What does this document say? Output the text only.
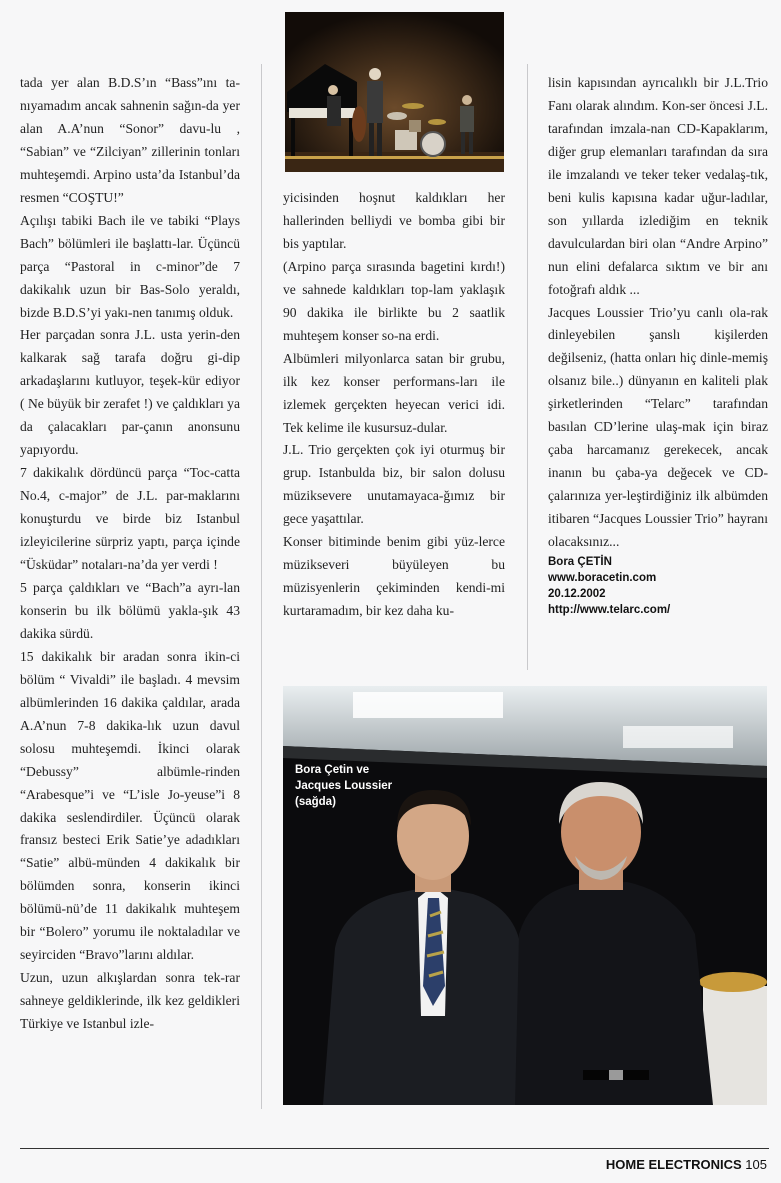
tada yer alan B.D.S’ın “Bass”ını ta-nıyamadım ancak sahnenin sağın-da yer alan A.A’nun “Sonor” davu-lu , “Sabian” ve “Zilciyan” zillerinin tonları muhteşemdi. Arpino usta’da Istanbul’da resmen “COŞTU!”

Açılışı tabiki Bach ile ve tabiki “Plays Bach” bölümleri ile başlattı-lar. Üçüncü parça “Pastoral in c-minor”de 7 dakikalık uzun bir Bas-Solo yeraldı, bizde B.D.S’yi yakı-nen tanımış olduk.

Her parçadan sonra J.L. usta yerin-den kalkarak sağ tarafa doğru gi-dip arkadaşlarını kutluyor, teşek-kür ediyor ( Ne büyük bir zerafet !) ve çaldıkları ya da çalacakları par-çanın anonsunu yapıyordu.

7 dakikalık dördüncü parça “Toc-catta No.4, c-major” de J.L. par-maklarını konuşturdu ve birde biz Istanbul izleyicilerine sürpriz yaptı, parça içinde “Üsküdar” notaları-na’da yer verdi !

5 parça çaldıkları ve “Bach”a ayrı-lan konserin bu ilk bölümü yakla-şık 43 dakika sürdü.

15 dakikalık bir aradan sonra ikin-ci bölüm “ Vivaldi” ile başladı. 4 mevsim albümlerinden 16 dakika çaldılar, arada A.A’nun 7-8 dakika-lık uzun davul solosu muhteşemdi. İkinci olarak “Debussy” albümle-rinden “Arabesque”i ve “L’isle Jo-yeuse”i 8 dakika seslendirdiler. Üçüncü olarak fransız besteci Erik Satie’ye adadıkları “Satie” albü-münden 4 dakikalık bir bölümden sonra, konserin ikinci bölümü-nü’de 11 dakikalık muhteşem bir “Bolero” yorumu ile noktaladılar ve seyirciden “Bravo”larını aldılar.

Uzun, uzun alkışlardan sonra tek-rar sahneye geldiklerinde, ilk kez geldikleri Türkiye ve Istanbul izle-

yicisinden hoşnut kaldıkları her hallerinden belliydi ve bomba gibi bir bis yaptılar.

(Arpino parça sırasında bagetini kırdı!) ve sahnede kaldıkları top-lam yaklaşık 90 dakika ile birlikte bu 2 saatlik muhteşem konser so-na erdi.

Albümleri milyonlarca satan bir grubu, ilk kez konser performans-ları ile izlemek gerçekten heyecan verici idi. Tek kelime ile kusursuz-dular.

J.L. Trio gerçekten çok iyi oturmuş bir grup. Istanbulda biz, bir salon dolusu müziksevere unutamayaca-ğımız bir gece yaşattılar.

Konser bitiminde benim gibi yüz-lerce müzikseveri büyüleyen bu müzisyenlerin çekiminden kendi-mi kurtaramadım, bir kez daha ku-

lisin kapısından ayrıcalıklı bir J.L.Trio Fanı olarak alındım. Kon-ser öncesi J.L. tarafından imzala-nan CD-Kapaklarım, diğer grup elemanları tarafından da sıra ile imzalandı ve teker teker vedalaş-tık, beni kulis kapısına kadar uğur-ladılar, son yıllarda izlediğim en teknik davulculardan biri olan “Andre Arpino” nun elini defalarca sıktım ve bir anı fotoğrafı aldık ...

Jacques Loussier Trio’yu canlı ola-rak dinleyebilen şanslı kişilerden değilseniz, (hatta onları hiç dinle-memiş olsanız bile..) dünyanın en kaliteli plak şirketlerinden “Telarc” tarafından basılan CD’lerine ulaş-mak için biraz çaba harcamanız gerekecek, ancak inanın bu çaba-ya değecek ve CD-çalarınıza yer-leştirdiğiniz ilk albümden itibaren “Jacques Loussier Trio” hayranı olacaksınız...

Bora ÇETİN
www.boracetin.com
20.12.2002
http://www.telarc.com/
Bora Çetin ve
Jacques Loussier
(sağda)
HOME ELECTRONICS 105
